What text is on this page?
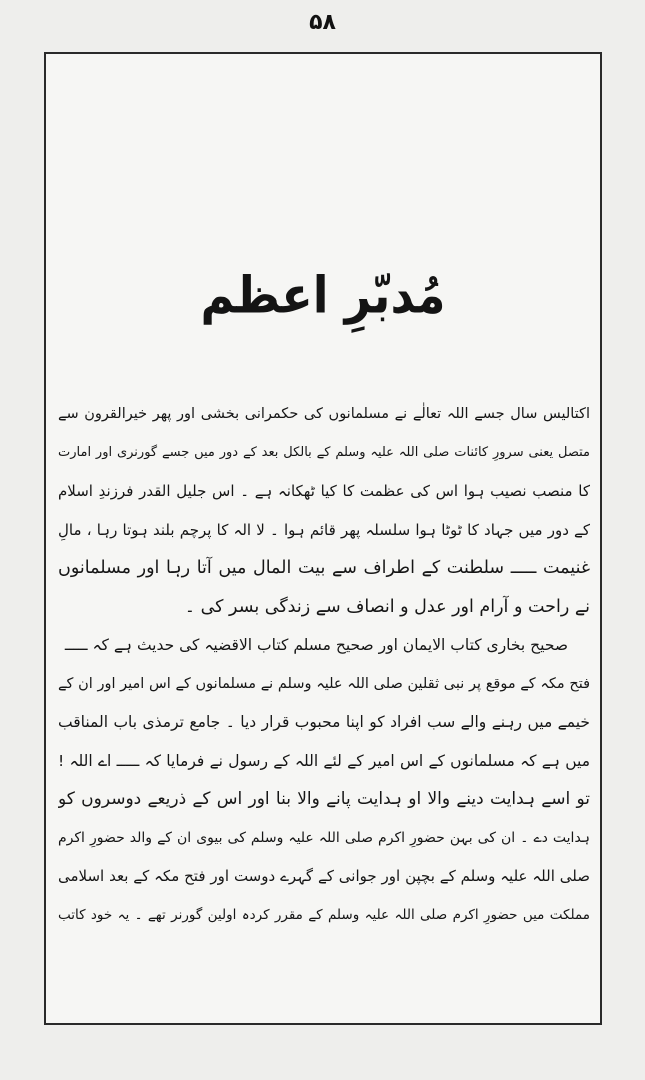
۵۸
مُدبّرِ اعظم
اکتالیس سال جسے اللہ تعالٰے نے مسلمانوں کی حکمرانی بخشی اور پھر خیرالقرون سے
متصل یعنی سرورِ کائنات صلی اللہ علیہ وسلم کے بالکل بعد کے دور میں جسے گورنری اور امارت
کا منصب نصیب ہوا اس کی عظمت کا کیا ٹھکانہ ہے ۔ اس جلیل القدر فرزندِ اسلام
کے دور میں جہاد کا ٹوٹا ہوا سلسلہ پھر قائم ہوا ۔ لا الہ کا پرچم بلند ہوتا رہا ، مالِ
غنیمت ـــــ سلطنت کے اطراف سے بیت المال میں آتا رہا اور مسلمانوں
نے راحت و آرام اور عدل و انصاف سے زندگی بسر کی ۔
صحیح بخاری کتاب الایمان اور صحیح مسلم کتاب الاقضیہ کی حدیث ہے کہ ـــــ
فتح مکہ کے موقع پر نبی ثقلین صلی اللہ علیہ وسلم نے مسلمانوں کے اس امیر اور ان کے
خیمے میں رہنے والے سب افراد کو اپنا محبوب قرار دیا ۔ جامع ترمذی باب المناقب
میں ہے کہ مسلمانوں کے اس امیر کے لئے اللہ کے رسول نے فرمایا کہ ـــــ اے اللہ !
تو اسے ہدایت دینے والا او ہدایت پانے والا بنا اور اس کے ذریعے دوسروں کو
ہدایت دے ۔ ان کی بہن حضورِ اکرم صلی اللہ علیہ وسلم کی بیوی ان کے والد حضورِ اکرم
صلی اللہ علیہ وسلم کے بچپن اور جوانی کے گہرے دوست اور فتح مکہ کے بعد اسلامی
مملکت میں حضورِ اکرم صلی اللہ علیہ وسلم کے مقرر کردہ اولین گورنر تھے ۔ یہ خود کاتب
